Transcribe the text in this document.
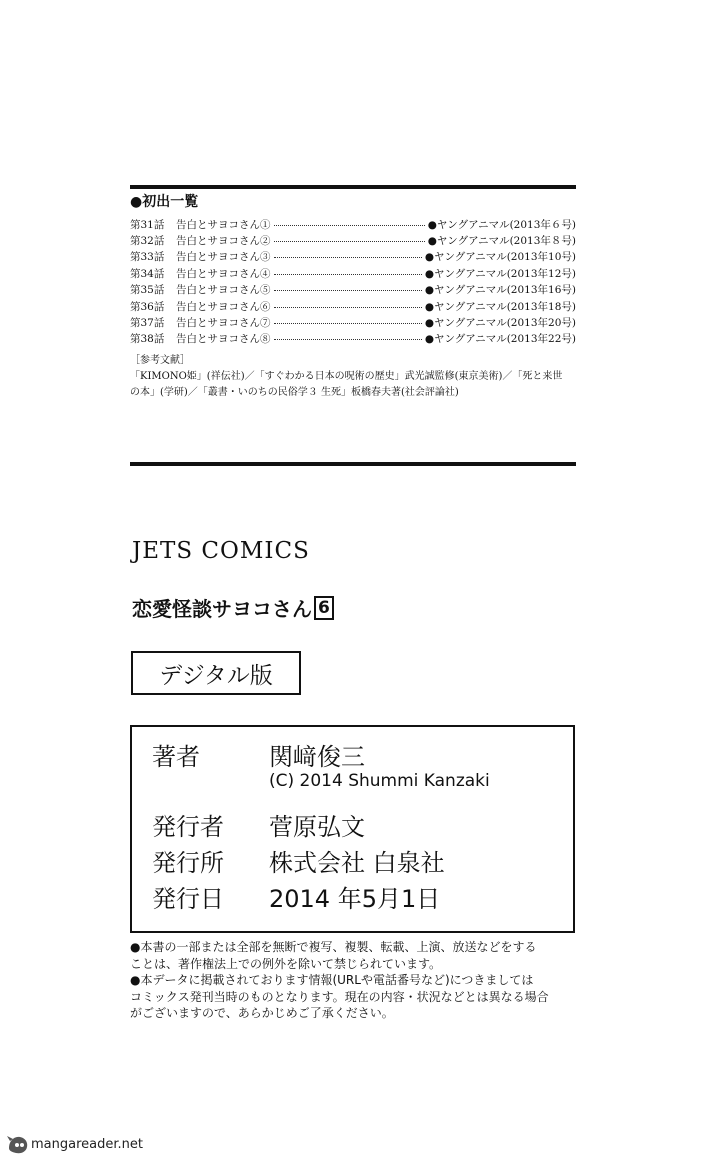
●初出一覧
第31話	告白とサヨコさん①	●ヤングアニマル(2013年６号)
第32話	告白とサヨコさん②	●ヤングアニマル(2013年８号)
第33話	告白とサヨコさん③	●ヤングアニマル(2013年10号)
第34話	告白とサヨコさん④	●ヤングアニマル(2013年12号)
第35話	告白とサヨコさん⑤	●ヤングアニマル(2013年16号)
第36話	告白とサヨコさん⑥	●ヤングアニマル(2013年18号)
第37話	告白とサヨコさん⑦	●ヤングアニマル(2013年20号)
第38話	告白とサヨコさん⑧	●ヤングアニマル(2013年22号)
［参考文献］
「KIMONO姫」(祥伝社)／「すぐわかる日本の呪術の歴史」武光誠監修(東京美術)／「死と来世
の本」(学研)／「叢書・いのちの民俗学３ 生死」板橋春夫著(社会評論社)
JETS COMICS
恋愛怪談サヨコさん 6
デジタル版
著者	関﨑俊三
(C) 2014 Shummi Kanzaki
発行者 菅原弘文
発行所 株式会社 白泉社
発行日 2014 年5月1日
●本書の一部または全部を無断で複写、複製、転載、上演、放送などをする
ことは、著作権法上での例外を除いて禁じられています。
●本データに掲載されております情報(URLや電話番号など)につきましては
コミックス発刊当時のものとなります。現在の内容・状況などとは異なる場合
がございますので、あらかじめご了承ください。
mangareader.net
